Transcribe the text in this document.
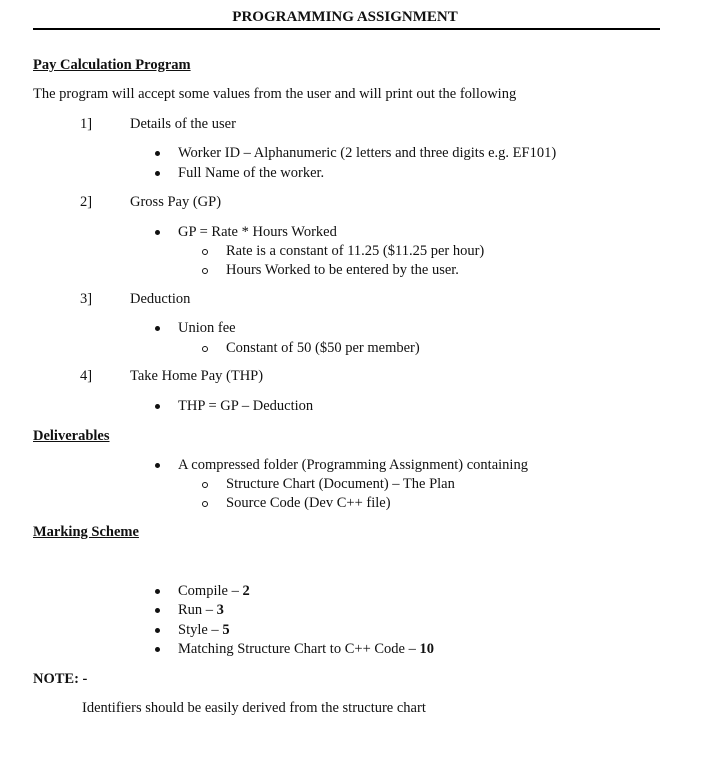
PROGRAMMING ASSIGNMENT
Pay Calculation Program
The program will accept some values from the user and will print out the following
1]	Details of the user
Worker ID – Alphanumeric (2 letters and three digits e.g. EF101)
Full Name of the worker.
2]	Gross Pay (GP)
GP = Rate * Hours Worked
Rate is a constant of 11.25 ($11.25 per hour)
Hours Worked to be entered by the user.
3]	Deduction
Union fee
Constant of 50 ($50 per member)
4]	Take Home Pay (THP)
THP = GP – Deduction
Deliverables
A compressed folder (Programming Assignment) containing
Structure Chart (Document) – The Plan
Source Code (Dev C++ file)
Marking Scheme
Compile – 2
Run – 3
Style – 5
Matching Structure Chart to C++ Code – 10
NOTE: -
Identifiers should be easily derived from the structure chart
